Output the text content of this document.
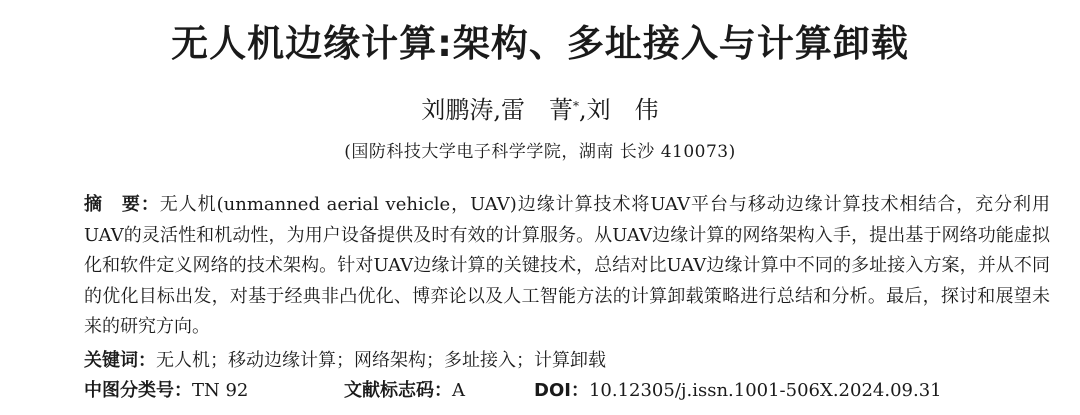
无人机边缘计算:架构、多址接入与计算卸载
刘鹏涛,雷　菁*,刘　伟
(国防科技大学电子科学学院，湖南 长沙 410073)
摘　要：无人机(unmanned aerial vehicle，UAV)边缘计算技术将UAV平台与移动边缘计算技术相结合，充分利用UAV的灵活性和机动性，为用户设备提供及时有效的计算服务。从UAV边缘计算的网络架构入手，提出基于网络功能虚拟化和软件定义网络的技术架构。针对UAV边缘计算的关键技术，总结对比UAV边缘计算中不同的多址接入方案，并从不同的优化目标出发，对基于经典非凸优化、博弈论以及人工智能方法的计算卸载策略进行总结和分析。最后，探讨和展望未来的研究方向。
关键词：无人机；移动边缘计算；网络架构；多址接入；计算卸载
中图分类号：TN 92	文献标志码：A	DOI：10.12305/j.issn.1001-506X.2024.09.31
